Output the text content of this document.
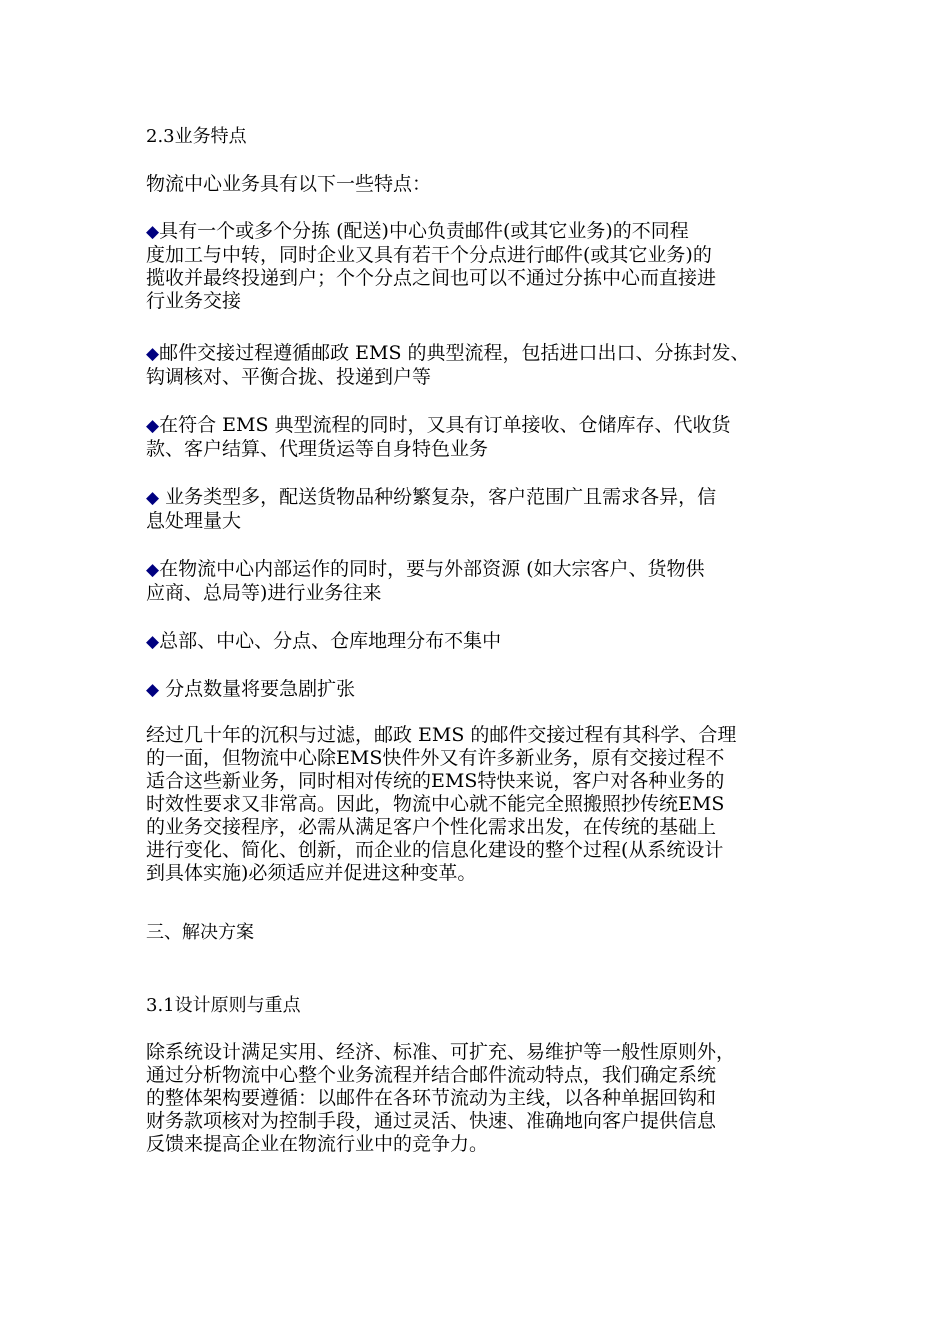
2.3业务特点

物流中心业务具有以下一些特点：

◆具有一个或多个分拣 (配送)中心负责邮件(或其它业务)的不同程
度加工与中转，同时企业又具有若干个分点进行邮件(或其它业务)的
揽收并最终投递到户；个个分点之间也可以不通过分拣中心而直接进
行业务交接
◆邮件交接过程遵循邮政 EMS 的典型流程，包括进口出口、分拣封发、
钩调核对、平衡合拢、投递到户等
◆在符合 EMS 典型流程的同时，又具有订单接收、仓储库存、代收货
款、客户结算、代理货运等自身特色业务
◆ 业务类型多，配送货物品种纷繁复杂，客户范围广且需求各异，信
息处理量大
◆在物流中心内部运作的同时，要与外部资源 (如大宗客户、货物供
应商、总局等)进行业务往来
◆总部、中心、分点、仓库地理分布不集中
◆ 分点数量将要急剧扩张
经过几十年的沉积与过滤，邮政 EMS 的邮件交接过程有其科学、合理
的一面，但物流中心除EMS快件外又有许多新业务，原有交接过程不
适合这些新业务，同时相对传统的EMS特快来说，客户对各种业务的
时效性要求又非常高。因此，物流中心就不能完全照搬照抄传统EMS
的业务交接程序，必需从满足客户个性化需求出发，在传统的基础上
进行变化、简化、创新，而企业的信息化建设的整个过程(从系统设计
到具体实施)必须适应并促进这种变革。

三、解决方案

3.1设计原则与重点

除系统设计满足实用、经济、标准、可扩充、易维护等一般性原则外，
通过分析物流中心整个业务流程并结合邮件流动特点，我们确定系统
的整体架构要遵循：以邮件在各环节流动为主线，以各种单据回钩和
财务款项核对为控制手段，通过灵活、快速、准确地向客户提供信息
反馈来提高企业在物流行业中的竞争力。
